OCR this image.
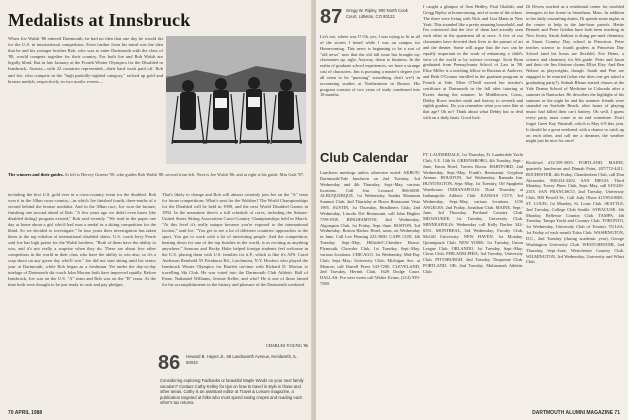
Medalists at Innsbruck
When Joe Walsh '86 entered Dartmouth, he had no idea that one day he would ski for the U.S. in international competition. Even further from his mind was the idea that he and his younger brother Rob, who was to enter Dartmouth with the class of '88, would compete together for their country. For both Joe and Rob Walsh are legally blind. But in late January at the Fourth Winter Olympics for the Disabled in Innsbruck, Austria—with 22 countries represented—their hard work paid off. Rob and Joe, who compete in the "high partially-sighted category," racked up gold and bronze medals, respectively, in two nordic events—
The winners and their guides. At left is Hervey Graeter '90, who guides Rob Walsh '88, second from left. Next is Joe Walsh '86, and at right is his guide, Mas Gale '87.
including the first U.S. gold ever in a cross-country event for the disabled. Rob won it in the 10km cross-country—in which Joe finished fourth, three-tenths of a second behind the bronze medalist. And in the 30km race, Joe won the bronze, finishing one second ahead of Rob. "A few years ago we didn't even know [the disabled skiing] program existed," Rob said recently. "We read in the paper one day at home about a girl who'd had won a medal in a skiing competition for the blind. So we decided to investigate." In four years their investigation has taken them to the top echelon of international disabled skiers. U.S. coach Jerry Ferrie said Joe has high praise for the Walsh brothers. "Both of them have the ability to win, and it's not really a surprise when they do. These are about five other competitors in the world in their class who have the ability to win also, so it's a crap shoot on any given day who'll win." Joe did not start skiing until his senior year at Dartmouth, while Rob began as a freshman. Yet under the day-to-day tutelage of Dartmouth ski coach John Morton both have improved rapidly. Before Innsbruck, Joe was on the U.S. "A" team and Rob was on the "B" team. At the time both were thought to be just ready to cash and pay pledges.
That's likely to change and Rob will almost certainly join Joe on the "A" team for future competitions. What's next for the Walshes? The World Championships for the Disabled will be held in 1990, and the next World Disabled Games in 1992. In the meantime there's a full schedule of races, including the Subaru-United States Skiing Association Cross-Country Championships held in March. "At this level it's really unique because you're exposed to the international faction," said Joe. "You get to see a lot of different countries' approaches to the sport. You get to work with a lot of interesting people. And the competition, beating down for one of the top finishes in the world, is as exciting as anything anywhere." Seasons and Becky Hoke helped foreign students feel welcome in the U.S. placing them with U.S. families for it.P., which is like it's AFS. Carol Anderson Reinhold 55 Fernhurst Rd., Larchmont, N.Y. Hoofers who played the Innsbruck Winter Olympics for Bartlett on-time with Richard D. Morton to travelling Ski Club. He was voted into the Dartmouth Club Athletic Hall of Fame. Nathaniel Williams, Jerome Keller, and who? He is one of those famed for his accomplishments in the history and pleasure of the Dartmouth weekend.
CHARLES YOUNG '86
86 Howard B. Hayes Jr., 68 Landsworth Avenue, Kenilworth, IL 60043
Considering exploring Fairbanks or beautiful Maple Winds on your next family vacation? Contact Cathy Kelley for tips on how to travel in style in those and other areas. Cathy is an assistant editor at Travel & Leisure magazine, a publication targeted at folks who must spend eating crepes and reading each other's tax returns.
70 APRIL 1988
87 Gregg W. Ripley, 900 North Cook Court, Littleton, CO 80122
Let's see, where was I? Oh, yes, I was trying to fit in all of the stories I heard while I was on campus for Homecoming. This news is beginning to be a sort of "old news" now that the old fall issue has brought my classmates up, right. Anyway, down to business. In the realm of graduate school experiences, we have a strange cast of characters. Jim is pursuing a master's degree (we all seem to be "pursuing" something, don't we?) in accounting studies at Northeastern in Boston. His program consists of two years of study condensed into 18 months.
Club Calendar
Luncheon meetings unless otherwise noted: AKRON: Dartmouth/Yale luncheon on 2nd Tuesday, 3rd Wednesday and 4th Thursday, Sept.-May, various locations. Call Jim Leonard 866-6000. ALBUQUERQUE, 1st Wednesday, Sandia Mountain Summit Club; 2nd Thursday at Bravo Restaurant Vista 1995. AUSTIN, 1st Thursday, Headliners Club; 2nd Wednesday, Lincoln Del Restaurant, call John Hughes 7/99-3939. BINGHAMTON, 2nd Wednesday, Algonquin Club, 1st Friday, Sept.-June. BOSTON, 3rd Wednesday, Boston Harbor Hotel, noon, on Wednesday in June. Call Leo Fleming 223-3000. CAPE COD, 4th Tuesday, Sept.-May, Hillside/C.Cheshire House, Plymouth, Chowder Club, 1st Tuesday, Sept.-May, various locations. CHICAGO, 1st Wednesday, Mid-Day Club; Sept.-May; University Club; Michigan Ave. at Monroe; call Darrell Perez 543-7200. CLEVELAND, 2nd Tuesday, Hermit Club, 1629 Dodge Court. DALLAS: For next event call Walter Evans, (214) 939-7580.
I caught a glimpse of Ann Hedley, Paul Gladish, and Gregg Ripley at homecoming, and of some of the others. The three were living with Nick and Lisa Mann in New York. This sounded like a pretty amazing household, and I'm convinced that the five of them had actually seen each other in the apartment all at once. A few of our classmates have devoted their lives to the pursuit of art and the theater. Some will argue that the two can be equally important in the work of enhancing a child's view of the world or by science coverage. Scott Ryan graduated from Pennsylvania School of Law in '88. Elise Miller is a teaching fellow in Russian at Andover, and Beth O'Connor enrolled in the graduate program in French at Yale. Ellen O'Neill moved her teacher's certificate at Dartmouth in the fall after tutoring at Exeter during the summer. In Middletown, Conn., Debby Rowe teaches math and history to seventh and eighth graders. Do you remember what you were like at that age? Oh no? Think about what Debby has to deal with on a daily basis. Good luck.
FT. LAUDERDALE, 1st Thursday, Fr. Lauderdale Yacht Club, 5 E. 12th St. GREENSBORO, 4th Tuesday, Sept.-June, Eaton Hotel, Tavern Room. HARTFORD, 2nd Wednesday, Sept.-May, Frank's Restaurant, Gryphon Avenue. HOUSTON, 3rd Wednesday, Ramada Inn. HUNTINGTON, Sept.-May, 1st Tuesday, Off Spaghetti Warehouse. INDIANAPOLIS: Third Thursday at Indianapolis Athletic Club. KANSAS CITY, 3rd Wednesday, Sept.-May, various locations. LOS ANGELES, 2nd Friday, Jonathan Club. MAINE, Sept.-June, 3rd Thursday, Portland Country Club. MILWAUKEE: 1st Tuesday, University Club. MINNEAPOLIS: Wednesday call Kelly Dacher 342-6551. MONTREAL, 3rd Wednesday, Faculty Club, McGill University. NEW HAVEN, 1st Monday, Quinnipiack Club. NEW YORK: 1st Tuesday, Union League Club. ORLANDO, 1st Tuesday, Sept.-May, Citrus Club. PHILADELPHIA, 3rd Tuesday, University Club. PITTSBURGH, 2nd Tuesday, Duquesne Club. PORTLAND, OR: 2nd Tuesday, Multnomah Athletic Club.
Di Dewes worked as a residential center for troubled teenagers in her home in Stoneham, Mass. In addition to her daily counseling duties, Di spends some nights at the center to help in the late-hour patrols. Hettie Bennett and Peter Golden have both been teaching in New Jersey. Sarah Jenkins is doing pre-med chemistry at Stuart Country Day school in Princeton. Peter teaches science to fourth graders at Princeton Day School (and his hours are flexible). Eve Heine, a science and chemistry for 6th grade. Peter and Jason and their ole Jim lifetime chums Elliot Eley. And Ben Nelson as playwrights, though. Sarah and Pete are engaged to be married (what else does one get asked a graduating party?). Sidnah Blease started classes at the Yale Drama School of Medicine in Colorado after a summer in Nantucket. He describes the highlight of his summer as the night he and his summer friends were stranded on Surfside Beach, after hours of playing music had killed their car's battery. Oh well, I guess every party must come to an end sometime. Don't forget Greet Kay Wasteall, which is May 6-8 this year. It should be a great weekend, with a chance to catch up on each other, and call me a dreamer, the weather might just be nice for once!
Rockford 412/359-3055. PORTLAND, MAINE, quarterly luncheons and Dinnah Point, 207/772-4411. ROCHESTER, 4th Friday, Chamberlain Club, call Don Alexander, 908/232-2202. SAN DIEGO: Third Monday, Torrey Pines Club, Sept.-May, call 619/226-2355. SAN FRANCISCO, 2nd Tuesday, University Club, 800 Powell St., Call Jody Olson 415/954-8881. ST. LOUIS, 1st Monday, St. Louis Club. SEATTLE, 2nd Tuesday, College Club Seattle. SYRACUSE: 4th Monday, Bellevue Country Club. TAMPA, 4th Tuesday, Tampa Yacht and Country Club. TORONTO, 1st Wednesday, University Club of Toronto. TULSA: 1st Friday of each month Tulsa Club. WASHINGTON, D.C., 2nd Tuesday (during academic year), George Washington University Club. WESTCHESTER, 2nd Thursday, Sept.-June, Westchester Country Club. WILMINGTON, 3rd Wednesday, University and Whist Club.
DARTMOUTH ALUMNI MAGAZINE 71
